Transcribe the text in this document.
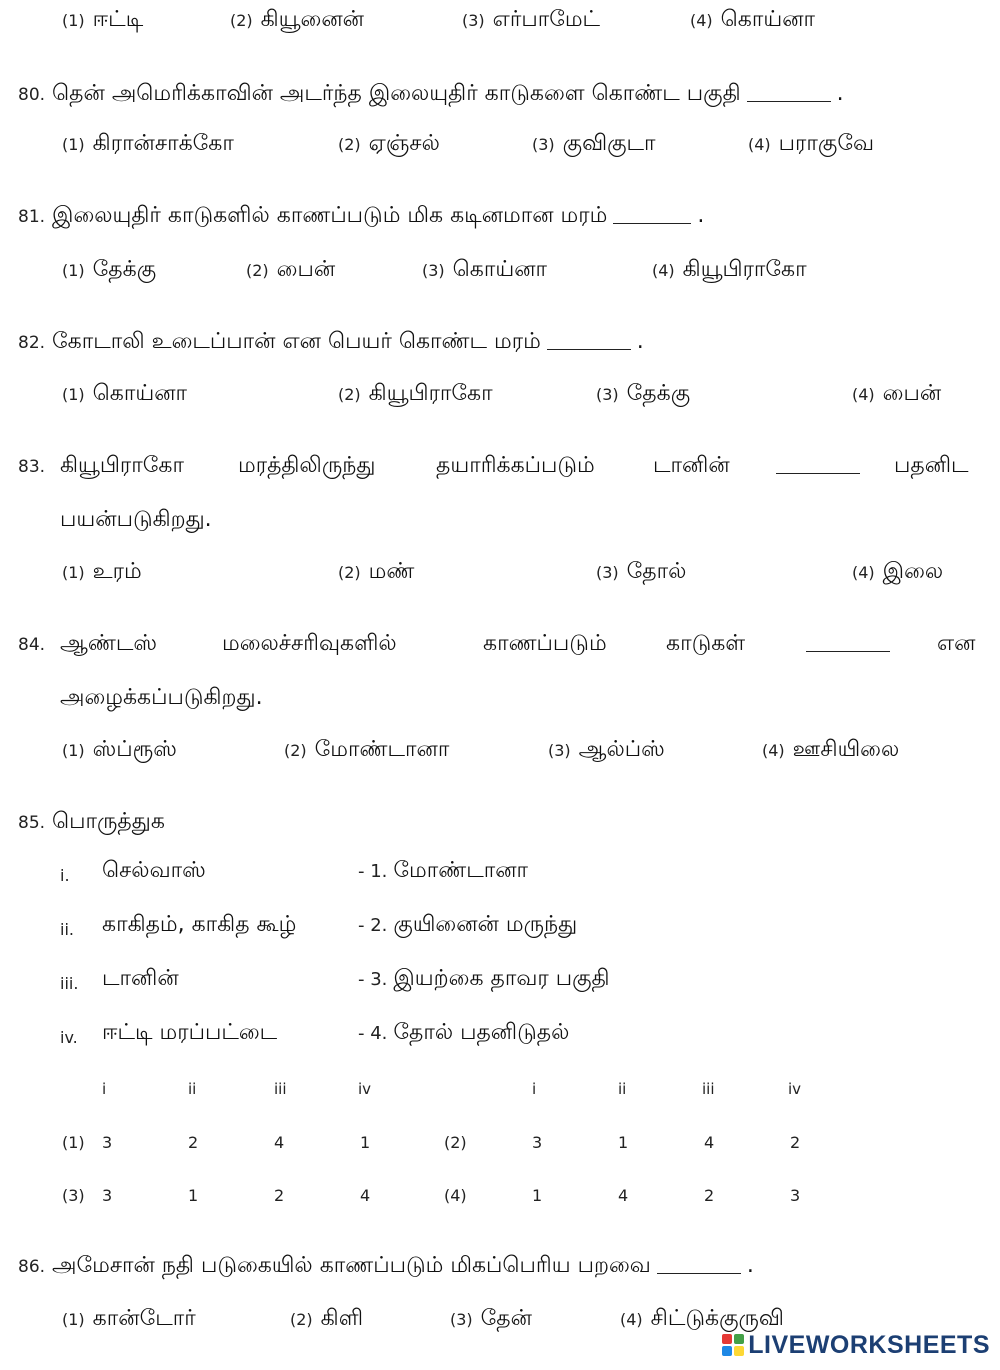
(1) ஈட்டி	(2) கியூனைன்	(3) எர்பாமேட்	(4) கொய்னா
80. தென் அமெரிக்காவின் அடர்ந்த இலையுதிர் காடுகளை கொண்ட பகுதி	.
(1) கிரான்சாக்கோ	(2) ஏஞ்சல்	(3) குவிகுடா	(4) பராகுவே
81. இலையுதிர் காடுகளில் காணப்படும் மிக கடினமான மரம்	.
(1) தேக்கு	(2) பைன்	(3) கொய்னா	(4) கியூபிராகோ
82. கோடாலி உடைப்பான் என பெயர் கொண்ட மரம்	.
(1) கொய்னா	(2) கியூபிராகோ	(3) தேக்கு	(4) பைன்
83. கியூபிராகோ மரத்திலிருந்து	தயாரிக்கப்படும்	டானின்	பதனிட
பயன்படுகிறது.
(1) உரம்	(2) மண்	(3) தோல்	(4) இலை
84. ஆண்டஸ்	மலைச்சரிவுகளில்	காணப்படும்	காடுகள்	என
அழைக்கப்படுகிறது.
(1) ஸ்ப்ரூஸ்	(2) மோண்டானா	(3) ஆல்ப்ஸ்	(4) ஊசியிலை
85. பொருத்துக
i. செல்வாஸ்	- 1. மோண்டானா
ii. காகிதம், காகித கூழ்	- 2. குயினைன் மருந்து
iii. டானின்	- 3. இயற்கை தாவர பகுதி
iv. ஈட்டி மரப்பட்டை	- 4. தோல் பதனிடுதல்
i	ii	iii	iv	i	ii	iii	iv
(1) 3	2	4	1	(2)	3	1	4	2
(3) 3	1	2	4	(4)	1	4	2	3
86. அமேசான் நதி படுகையில் காணப்படும் மிகப்பெரிய பறவை	.
(1) கான்டோர்	(2) கிளி	(3) தேன்	(4) சிட்டுக்குருவி
LIVEWORKSHEETS
